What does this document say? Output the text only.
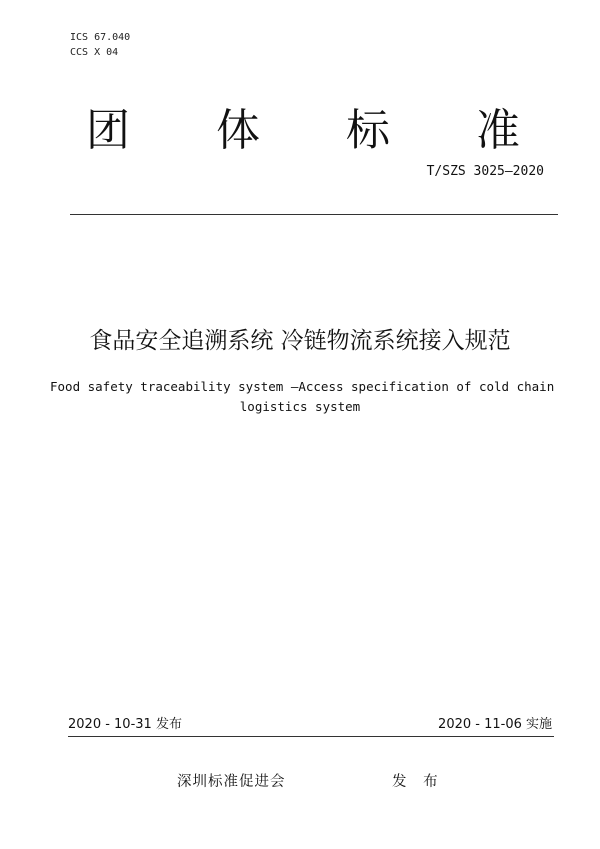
ICS 67.040
CCS X 04
团 体 标 准
T/SZS 3025—2020
食品安全追溯系统 冷链物流系统接入规范
Food safety traceability system —Access specification of cold chain
logistics system
2020 - 10-31 发布	2020 - 11-06 实施
深圳标准促进会	发 布
